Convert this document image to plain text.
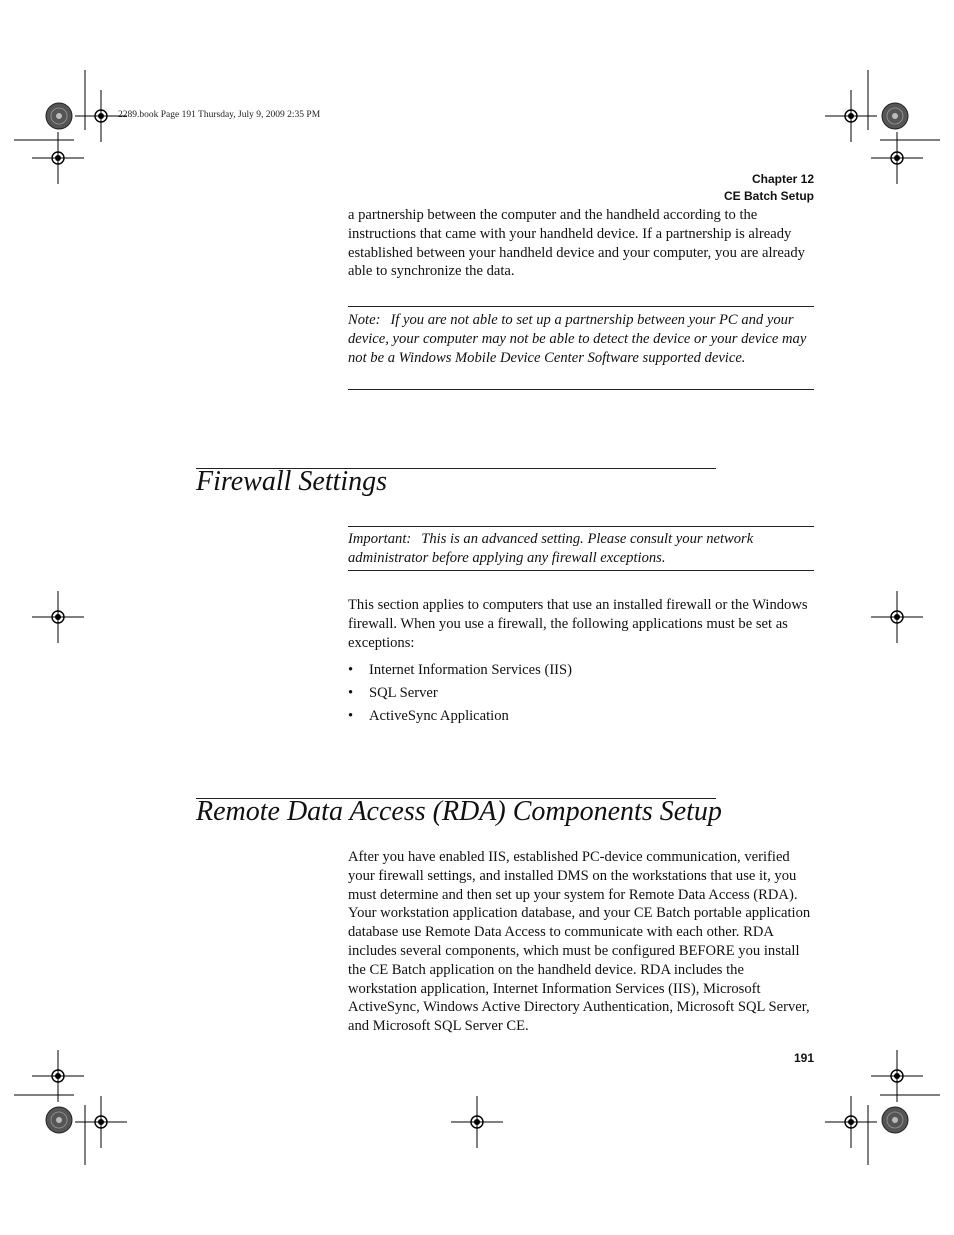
2289.book Page 191 Thursday, July 9, 2009 2:35 PM
Chapter 12
CE Batch Setup

a partnership between the computer and the handheld according to the instructions that came with your handheld device. If a partnership is already established between your handheld device and your computer, you are already able to synchronize the data.

Note: If you are not able to set up a partnership between your PC and your device, your computer may not be able to detect the device or your device may not be a Windows Mobile Device Center Software supported device.

Firewall Settings

Important: This is an advanced setting. Please consult your network administrator before applying any firewall exceptions.

This section applies to computers that use an installed firewall or the Windows firewall. When you use a firewall, the following applications must be set as exceptions:

• Internet Information Services (IIS)
• SQL Server
• ActiveSync Application
Remote Data Access (RDA) Components Setup

After you have enabled IIS, established PC-device communication, verified your firewall settings, and installed DMS on the workstations that use it, you must determine and then set up your system for Remote Data Access (RDA). Your workstation application database, and your CE Batch portable application database use Remote Data Access to communicate with each other. RDA includes several components, which must be configured BEFORE you install the CE Batch application on the handheld device. RDA includes the workstation application, Internet Information Services (IIS), Microsoft ActiveSync, Windows Active Directory Authentication, Microsoft SQL Server, and Microsoft SQL Server CE.

191
